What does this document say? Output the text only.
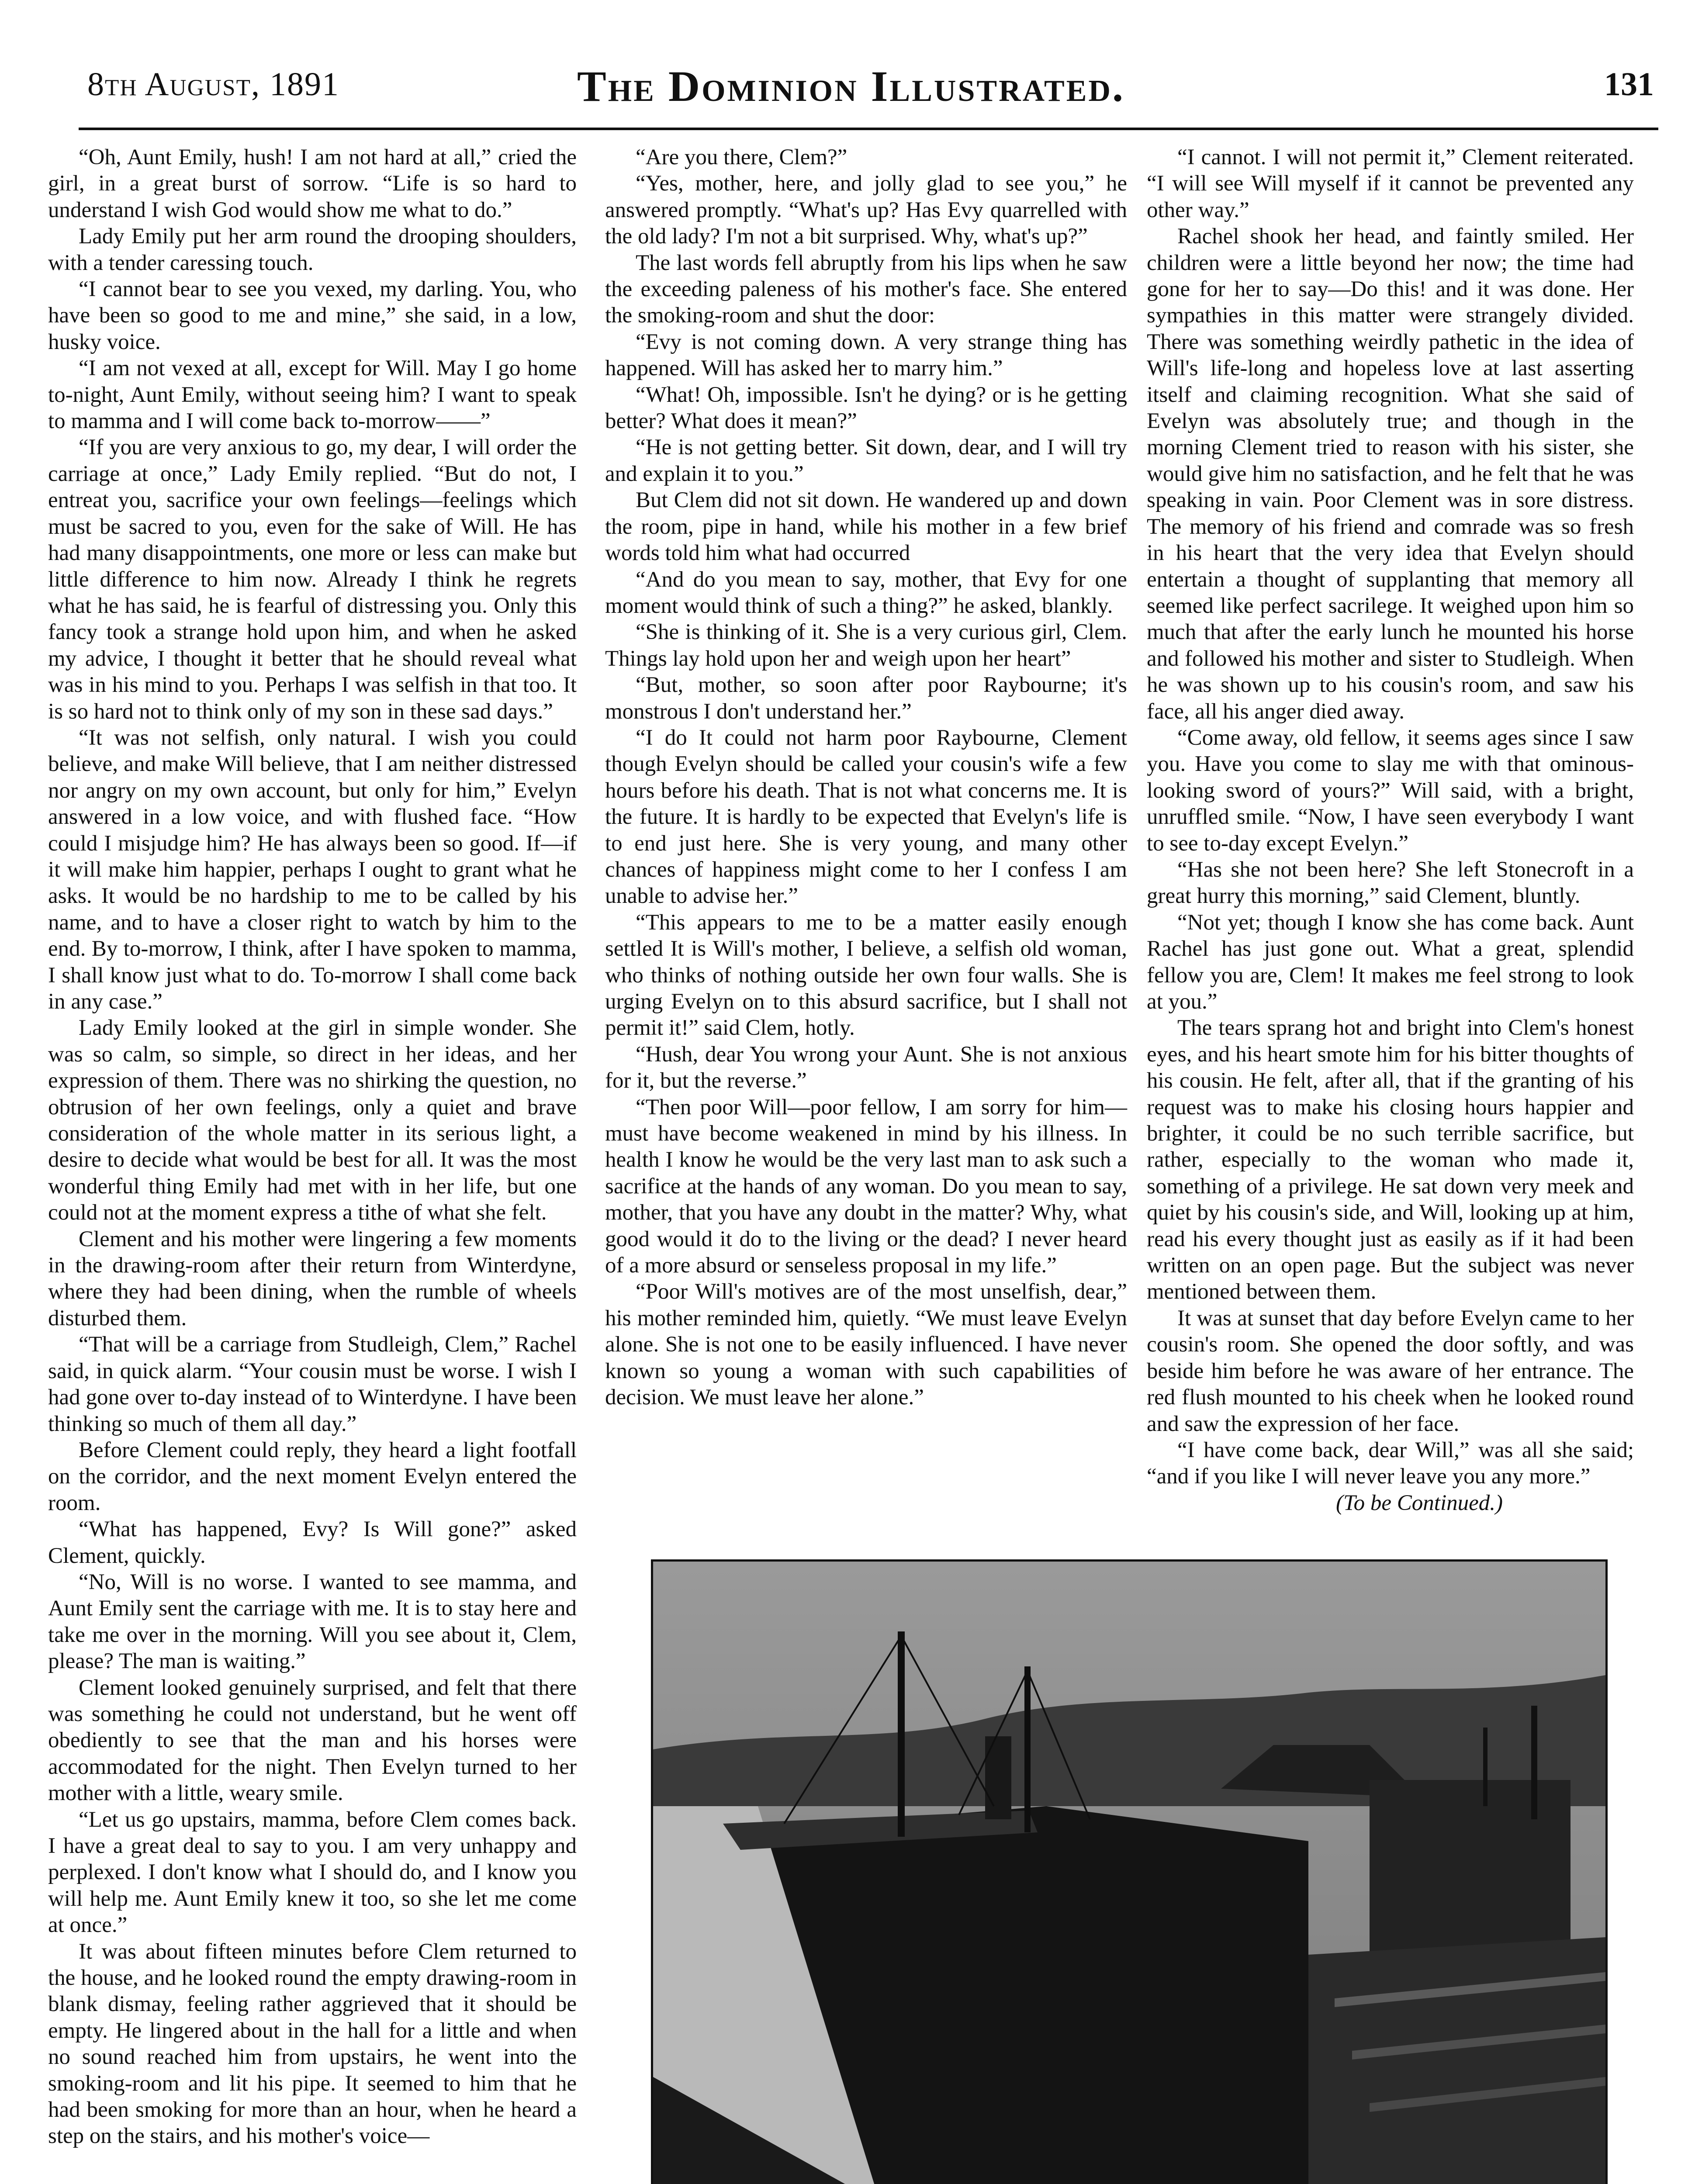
8th August, 1891	The Dominion Illustrated.	131

“Oh, Aunt Emily, hush! I am not hard at all,” cried the girl, in a great burst of sorrow. “Life is so hard to understand I wish God would show me what to do.”

Lady Emily put her arm round the drooping shoulders, with a tender caressing touch.

“I cannot bear to see you vexed, my darling. You, who have been so good to me and mine,” she said, in a low, husky voice.

“I am not vexed at all, except for Will. May I go home to-night, Aunt Emily, without seeing him? I want to speak to mamma and I will come back to-morrow——”

“If you are very anxious to go, my dear, I will order the carriage at once,” Lady Emily replied. “But do not, I entreat you, sacrifice your own feelings—feelings which must be sacred to you, even for the sake of Will. He has had many disappointments, one more or less can make but little difference to him now. Already I think he regrets what he has said, he is fearful of distressing you. Only this fancy took a strange hold upon him, and when he asked my advice, I thought it better that he should reveal what was in his mind to you. Perhaps I was selfish in that too. It is so hard not to think only of my son in these sad days.”

“It was not selfish, only natural. I wish you could believe, and make Will believe, that I am neither distressed nor angry on my own account, but only for him,” Evelyn answered in a low voice, and with flushed face. “How could I misjudge him? He has always been so good. If—if it will make him happier, perhaps I ought to grant what he asks. It would be no hardship to me to be called by his name, and to have a closer right to watch by him to the end. By to-morrow, I think, after I have spoken to mamma, I shall know just what to do. To-morrow I shall come back in any case.”

Lady Emily looked at the girl in simple wonder. She was so calm, so simple, so direct in her ideas, and her expression of them. There was no shirking the question, no obtrusion of her own feelings, only a quiet and brave consideration of the whole matter in its serious light, a desire to decide what would be best for all. It was the most wonderful thing Emily had met with in her life, but one could not at the moment express a tithe of what she felt.

Clement and his mother were lingering a few moments in the drawing-room after their return from Winterdyne, where they had been dining, when the rumble of wheels disturbed them.

“That will be a carriage from Studleigh, Clem,” Rachel said, in quick alarm. “Your cousin must be worse. I wish I had gone over to-day instead of to Winterdyne. I have been thinking so much of them all day.”

Before Clement could reply, they heard a light footfall on the corridor, and the next moment Evelyn entered the room.

“What has happened, Evy? Is Will gone?” asked Clement, quickly.

“No, Will is no worse. I wanted to see mamma, and Aunt Emily sent the carriage with me. It is to stay here and take me over in the morning. Will you see about it, Clem, please? The man is waiting.”

Clement looked genuinely surprised, and felt that there was something he could not understand, but he went off obediently to see that the man and his horses were accommodated for the night. Then Evelyn turned to her mother with a little, weary smile.

“Let us go upstairs, mamma, before Clem comes back. I have a great deal to say to you. I am very unhappy and perplexed. I don't know what I should do, and I know you will help me. Aunt Emily knew it too, so she let me come at once.”

It was about fifteen minutes before Clem returned to the house, and he looked round the empty drawing-room in blank dismay, feeling rather aggrieved that it should be empty. He lingered about in the hall for a little and when no sound reached him from upstairs, he went into the smoking-room and lit his pipe. It seemed to him that he had been smoking for more than an hour, when he heard a step on the stairs, and his mother's voice—

“Are you there, Clem?”

“Yes, mother, here, and jolly glad to see you,” he answered promptly. “What's up? Has Evy quarrelled with the old lady? I'm not a bit surprised. Why, what's up?”

The last words fell abruptly from his lips when he saw the exceeding paleness of his mother's face. She entered the smoking-room and shut the door:

“Evy is not coming down. A very strange thing has happened. Will has asked her to marry him.”

“What! Oh, impossible. Isn't he dying? or is he getting better? What does it mean?”

“He is not getting better. Sit down, dear, and I will try and explain it to you.”

But Clem did not sit down. He wandered up and down the room, pipe in hand, while his mother in a few brief words told him what had occurred

“And do you mean to say, mother, that Evy for one moment would think of such a thing?” he asked, blankly.

“She is thinking of it. She is a very curious girl, Clem. Things lay hold upon her and weigh upon her heart”

“But, mother, so soon after poor Raybourne; it's monstrous I don't understand her.”

“I do It could not harm poor Raybourne, Clement though Evelyn should be called your cousin's wife a few hours before his death. That is not what concerns me. It is the future. It is hardly to be expected that Evelyn's life is to end just here. She is very young, and many other chances of happiness might come to her I confess I am unable to advise her.”

“This appears to me to be a matter easily enough settled It is Will's mother, I believe, a selfish old woman, who thinks of nothing outside her own four walls. She is urging Evelyn on to this absurd sacrifice, but I shall not permit it!” said Clem, hotly.

“Hush, dear You wrong your Aunt. She is not anxious for it, but the reverse.”

“Then poor Will—poor fellow, I am sorry for him—must have become weakened in mind by his illness. In health I know he would be the very last man to ask such a sacrifice at the hands of any woman. Do you mean to say, mother, that you have any doubt in the matter? Why, what good would it do to the living or the dead? I never heard of a more absurd or senseless proposal in my life.”

“Poor Will's motives are of the most unselfish, dear,” his mother reminded him, quietly. “We must leave Evelyn alone. She is not one to be easily influenced. I have never known so young a woman with such capabilities of decision. We must leave her alone.”

“I cannot. I will not permit it,” Clement reiterated. “I will see Will myself if it cannot be prevented any other way.”

Rachel shook her head, and faintly smiled. Her children were a little beyond her now; the time had gone for her to say—Do this! and it was done. Her sympathies in this matter were strangely divided. There was something weirdly pathetic in the idea of Will's life-long and hopeless love at last asserting itself and claiming recognition. What she said of Evelyn was absolutely true; and though in the morning Clement tried to reason with his sister, she would give him no satisfaction, and he felt that he was speaking in vain. Poor Clement was in sore distress. The memory of his friend and comrade was so fresh in his heart that the very idea that Evelyn should entertain a thought of supplanting that memory all seemed like perfect sacrilege. It weighed upon him so much that after the early lunch he mounted his horse and followed his mother and sister to Studleigh. When he was shown up to his cousin's room, and saw his face, all his anger died away.

“Come away, old fellow, it seems ages since I saw you. Have you come to slay me with that ominous-looking sword of yours?” Will said, with a bright, unruffled smile. “Now, I have seen everybody I want to see to-day except Evelyn.”

“Has she not been here? She left Stonecroft in a great hurry this morning,” said Clement, bluntly.

“Not yet; though I know she has come back. Aunt Rachel has just gone out. What a great, splendid fellow you are, Clem! It makes me feel strong to look at you.”

The tears sprang hot and bright into Clem's honest eyes, and his heart smote him for his bitter thoughts of his cousin. He felt, after all, that if the granting of his request was to make his closing hours happier and brighter, it could be no such terrible sacrifice, but rather, especially to the woman who made it, something of a privilege. He sat down very meek and quiet by his cousin's side, and Will, looking up at him, read his every thought just as easily as if it had been written on an open page. But the subject was never mentioned between them.

It was at sunset that day before Evelyn came to her cousin's room. She opened the door softly, and was beside him before he was aware of her entrance. The red flush mounted to his cheek when he looked round and saw the expression of her face.

“I have come back, dear Will,” was all she said; “and if you like I will never leave you any more.”

(To be Continued.)
